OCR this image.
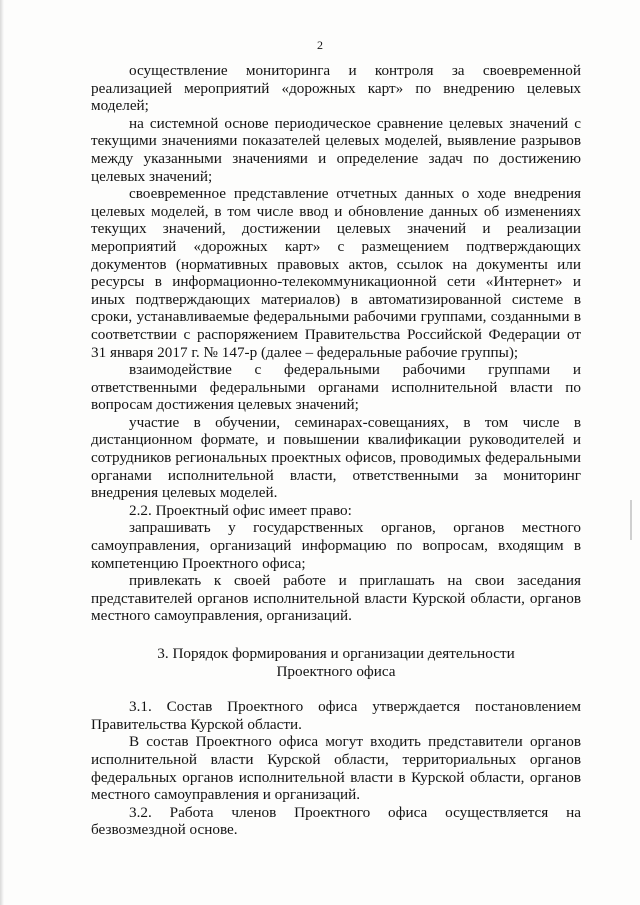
2

осуществление мониторинга и контроля за своевременной реализацией мероприятий «дорожных карт» по внедрению целевых моделей;

на системной основе периодическое сравнение целевых значений с текущими значениями показателей целевых моделей, выявление разрывов между указанными значениями и определение задач по достижению целевых значений;

своевременное представление отчетных данных о ходе внедрения целевых моделей, в том числе ввод и обновление данных об изменениях текущих значений, достижении целевых значений и реализации мероприятий «дорожных карт» с размещением подтверждающих документов (нормативных правовых актов, ссылок на документы или ресурсы в информационно-телекоммуникационной сети «Интернет» и иных подтверждающих материалов) в автоматизированной системе в сроки, устанавливаемые федеральными рабочими группами, созданными в соответствии с распоряжением Правительства Российской Федерации от 31 января 2017 г. № 147-р (далее – федеральные рабочие группы);

взаимодействие с федеральными рабочими группами и ответственными федеральными органами исполнительной власти по вопросам достижения целевых значений;

участие в обучении, семинарах-совещаниях, в том числе в дистанционном формате, и повышении квалификации руководителей и сотрудников региональных проектных офисов, проводимых федеральными органами исполнительной власти, ответственными за мониторинг внедрения целевых моделей.

2.2. Проектный офис имеет право:

запрашивать у государственных органов, органов местного самоуправления, организаций информацию по вопросам, входящим в компетенцию Проектного офиса;

привлекать к своей работе и приглашать на свои заседания представителей органов исполнительной власти Курской области, органов местного самоуправления, организаций.

3. Порядок формирования и организации деятельности
Проектного офиса

3.1. Состав Проектного офиса утверждается постановлением Правительства Курской области.

В состав Проектного офиса могут входить представители органов исполнительной власти Курской области, территориальных органов федеральных органов исполнительной власти в Курской области, органов местного самоуправления и организаций.

3.2. Работа членов Проектного офиса осуществляется на безвозмездной основе.
